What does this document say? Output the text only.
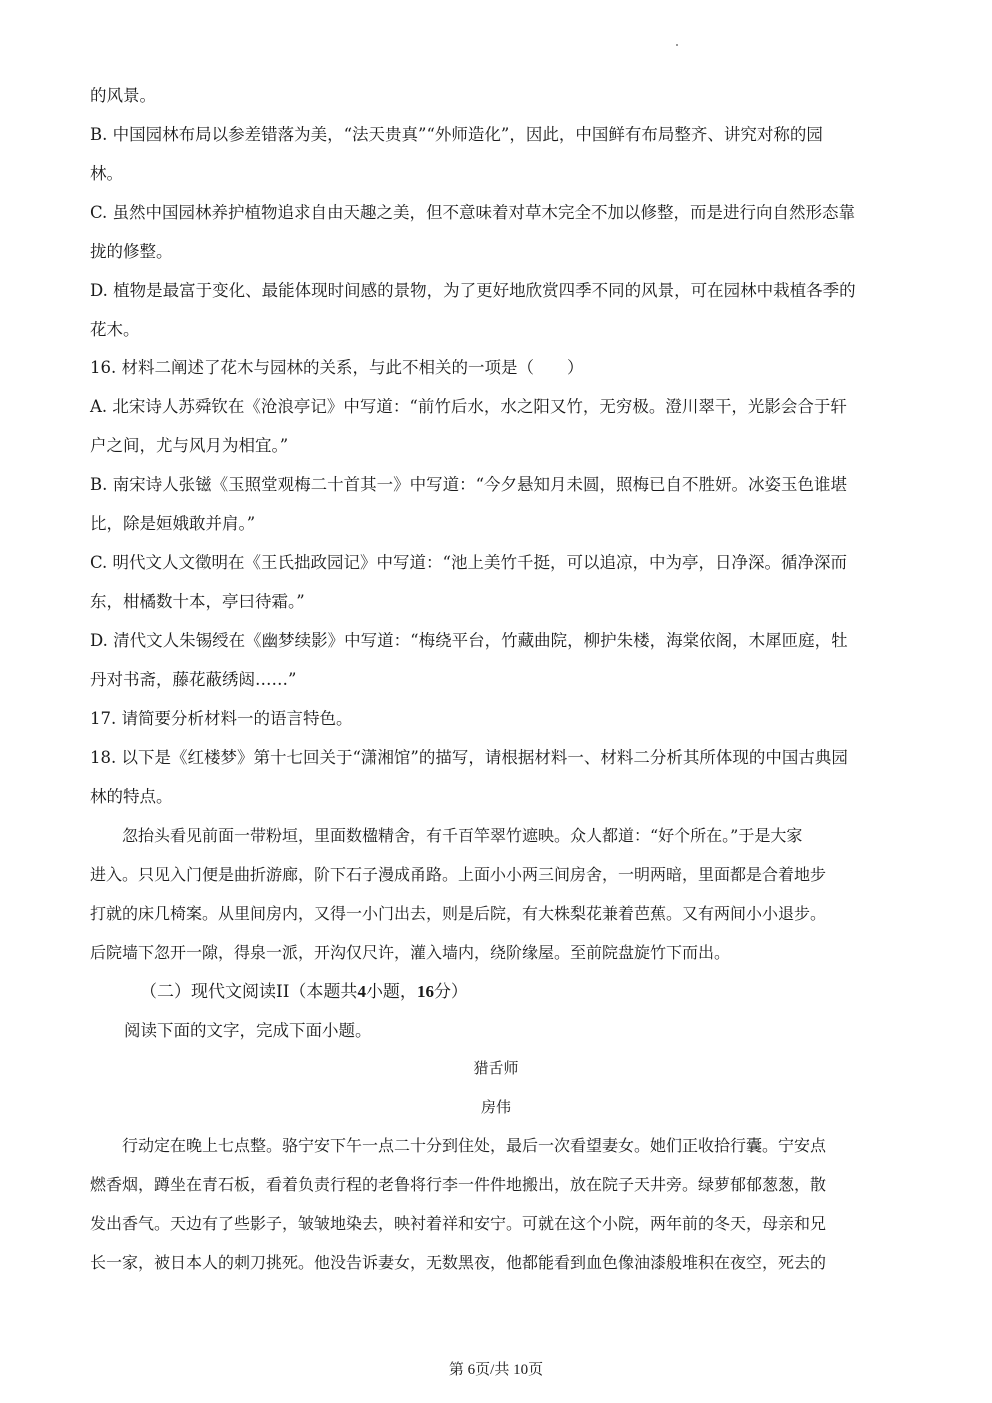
的风景。
B. 中国园林布局以参差错落为美，“法天贵真”“外师造化”，因此，中国鲜有布局整齐、讲究对称的园
林。
C. 虽然中国园林养护植物追求自由天趣之美，但不意味着对草木完全不加以修整，而是进行向自然形态靠
拢的修整。
D. 植物是最富于变化、最能体现时间感的景物，为了更好地欣赏四季不同的风景，可在园林中栽植各季的
花木。
16. 材料二阐述了花木与园林的关系，与此不相关的一项是（　　）
A. 北宋诗人苏舜钦在《沧浪亭记》中写道：“前竹后水，水之阳又竹，无穷极。澄川翠干，光影会合于轩
户之间，尤与风月为相宜。”
B. 南宋诗人张镃《玉照堂观梅二十首其一》中写道：“今夕悬知月未圆，照梅已自不胜妍。冰姿玉色谁堪
比，除是姮娥敢并肩。”
C. 明代文人文徵明在《王氏拙政园记》中写道：“池上美竹千挺，可以追凉，中为亭，日净深。循净深而
东，柑橘数十本，亭曰待霜。”
D. 清代文人朱锡绶在《幽梦续影》中写道：“梅绕平台，竹藏曲院，柳护朱楼，海棠依阁，木犀匝庭，牡
丹对书斋，藤花蔽绣闼……”
17. 请简要分析材料一的语言特色。
18. 以下是《红楼梦》第十七回关于“潇湘馆”的描写，请根据材料一、材料二分析其所体现的中国古典园
林的特点。
　　忽抬头看见前面一带粉垣，里面数楹精舍，有千百竿翠竹遮映。众人都道：“好个所在。”于是大家
进入。只见入门便是曲折游廊，阶下石子漫成甬路。上面小小两三间房舍，一明两暗，里面都是合着地步
打就的床几椅案。从里间房内，又得一小门出去，则是后院，有大株梨花兼着芭蕉。又有两间小小退步。
后院墙下忽开一隙，得泉一派，开沟仅尺许，灌入墙内，绕阶缘屋。至前院盘旋竹下而出。
（二）现代文阅读II（本题共4小题，16分）
阅读下面的文字，完成下面小题。
猎舌师
房伟
　　行动定在晚上七点整。骆宁安下午一点二十分到住处，最后一次看望妻女。她们正收拾行囊。宁安点
燃香烟，蹲坐在青石板，看着负责行程的老鲁将行李一件件地搬出，放在院子天井旁。绿萝郁郁葱葱，散
发出香气。天边有了些影子，皱皱地染去，映衬着祥和安宁。可就在这个小院，两年前的冬天，母亲和兄
长一家，被日本人的刺刀挑死。他没告诉妻女，无数黑夜，他都能看到血色像油漆般堆积在夜空，死去的
第 6页/共 10页
